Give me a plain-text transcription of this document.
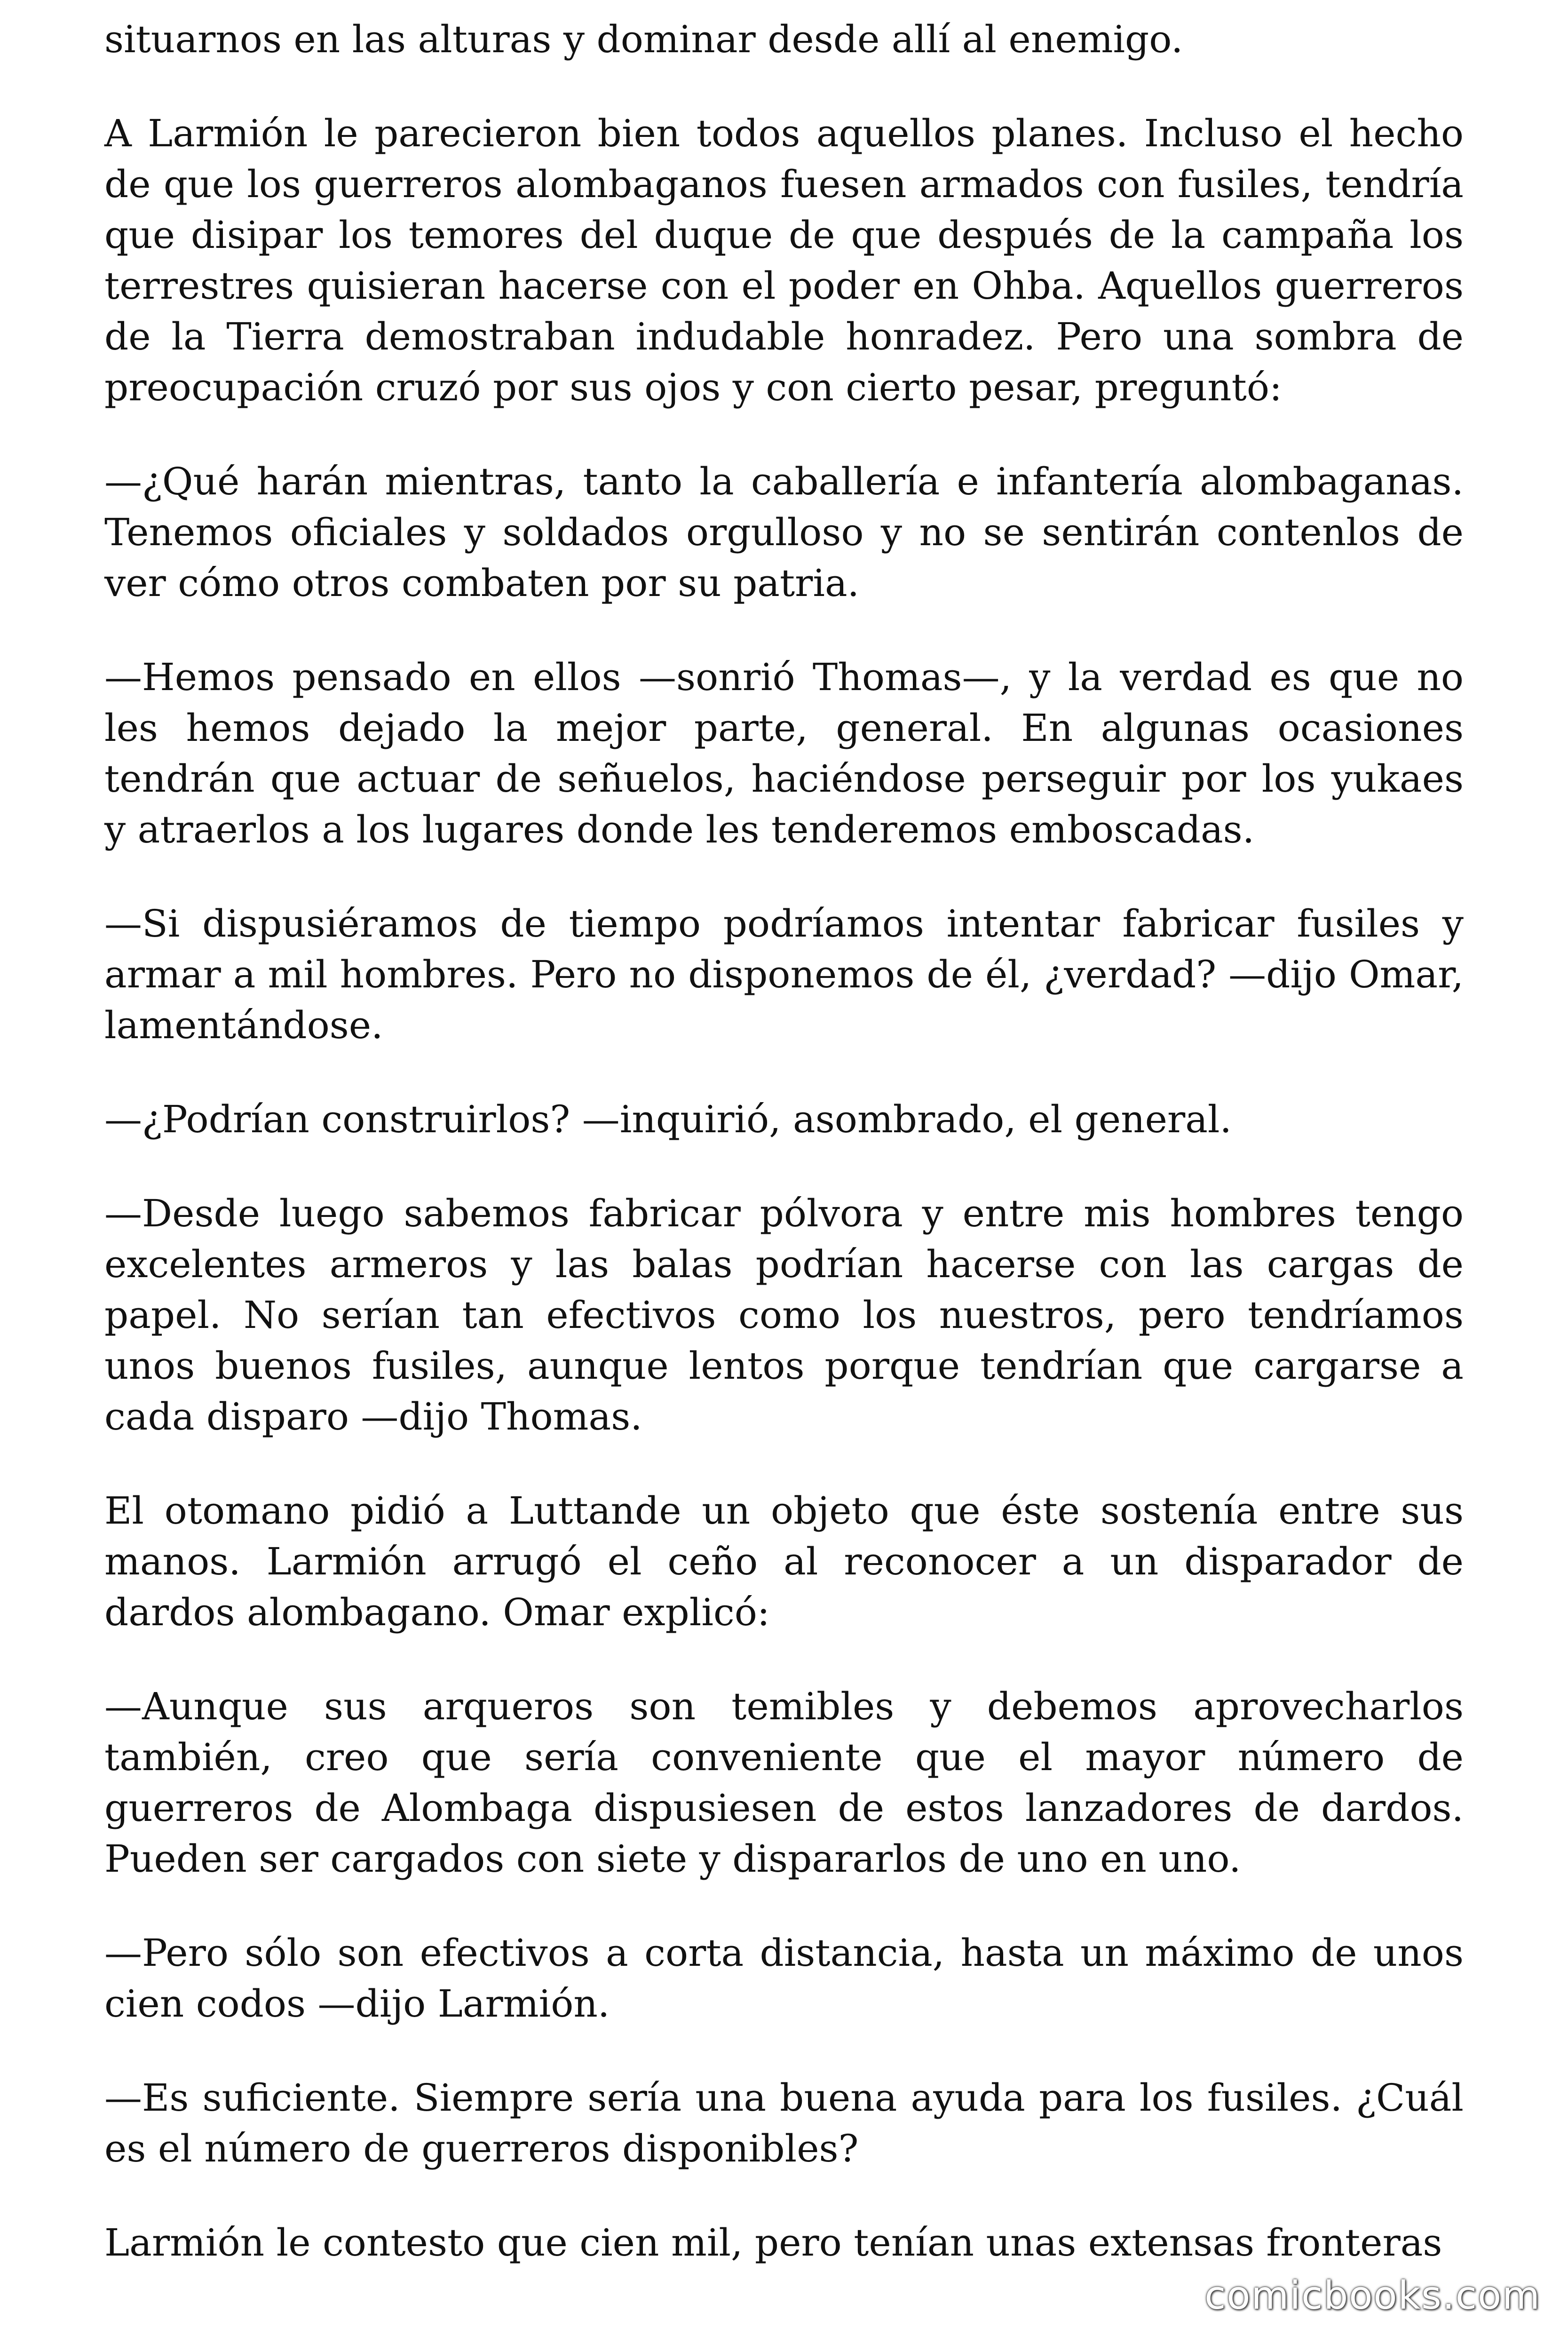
situarnos en las alturas y dominar desde allí al enemigo.

A Larmión le parecieron bien todos aquellos planes. Incluso el hecho de que los guerreros alombaganos fuesen armados con fusiles, tendría que disipar los temores del duque de que después de la campaña los terrestres quisieran hacerse con el poder en Ohba. Aquellos guerreros de la Tierra demostraban indudable honradez. Pero una sombra de preocupación cruzó por sus ojos y con cierto pesar, preguntó:

—¿Qué harán mientras, tanto la caballería e infantería alombaganas. Tenemos oficiales y soldados orgulloso y no se sentirán contenlos de ver cómo otros combaten por su patria.

—Hemos pensado en ellos —sonrió Thomas—, y la verdad es que no les hemos dejado la mejor parte, general. En algunas ocasiones tendrán que actuar de señuelos, haciéndose perseguir por los yukaes y atraerlos a los lugares donde les tenderemos emboscadas.

—Si dispusiéramos de tiempo podríamos intentar fabricar fusiles y armar a mil hombres. Pero no disponemos de él, ¿verdad? —dijo Omar, lamentándose.

—¿Podrían construirlos? —inquirió, asombrado, el general.

—Desde luego sabemos fabricar pólvora y entre mis hombres tengo excelentes armeros y las balas podrían hacerse con las cargas de papel. No serían tan efectivos como los nuestros, pero tendríamos unos buenos fusiles, aunque lentos porque tendrían que cargarse a cada disparo —dijo Thomas.

El otomano pidió a Luttande un objeto que éste sostenía entre sus manos. Larmión arrugó el ceño al reconocer a un disparador de dardos alombagano. Omar explicó:

—Aunque sus arqueros son temibles y debemos aprovecharlos también, creo que sería conveniente que el mayor número de guerreros de Alombaga dispusiesen de estos lanzadores de dardos. Pueden ser cargados con siete y dispararlos de uno en uno.

—Pero sólo son efectivos a corta distancia, hasta un máximo de unos cien codos —dijo Larmión.

—Es suficiente. Siempre sería una buena ayuda para los fusiles. ¿Cuál es el número de guerreros disponibles?

Larmión le contesto que cien mil, pero tenían unas extensas fronteras

comicbooks.com
